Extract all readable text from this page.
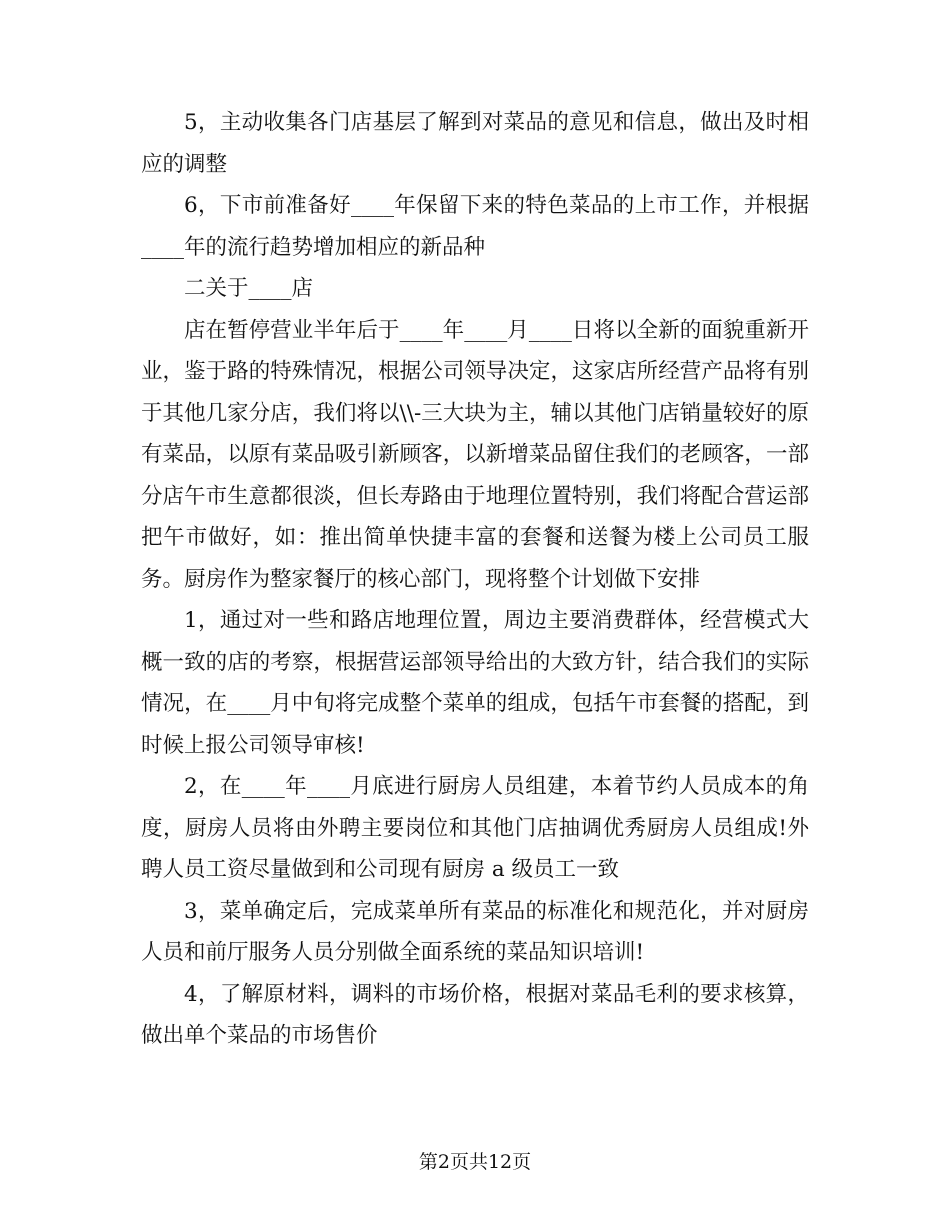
5，主动收集各门店基层了解到对菜品的意见和信息，做出及时相应的调整

6，下市前准备好____年保留下来的特色菜品的上市工作，并根据____年的流行趋势增加相应的新品种

二关于____店

店在暂停营业半年后于____年____月____日将以全新的面貌重新开业，鉴于路的特殊情况，根据公司领导决定，这家店所经营产品将有别于其他几家分店，我们将以\\-三大块为主，辅以其他门店销量较好的原有菜品，以原有菜品吸引新顾客，以新增菜品留住我们的老顾客，一部分店午市生意都很淡，但长寿路由于地理位置特别，我们将配合营运部把午市做好，如：推出简单快捷丰富的套餐和送餐为楼上公司员工服务。厨房作为整家餐厅的核心部门，现将整个计划做下安排

1，通过对一些和路店地理位置，周边主要消费群体，经营模式大概一致的店的考察，根据营运部领导给出的大致方针，结合我们的实际情况，在____月中旬将完成整个菜单的组成，包括午市套餐的搭配，到时候上报公司领导审核!

2，在____年____月底进行厨房人员组建，本着节约人员成本的角度，厨房人员将由外聘主要岗位和其他门店抽调优秀厨房人员组成!外聘人员工资尽量做到和公司现有厨房 a 级员工一致

3，菜单确定后，完成菜单所有菜品的标准化和规范化，并对厨房人员和前厅服务人员分别做全面系统的菜品知识培训!

4，了解原材料，调料的市场价格，根据对菜品毛利的要求核算，做出单个菜品的市场售价

第2页共12页
